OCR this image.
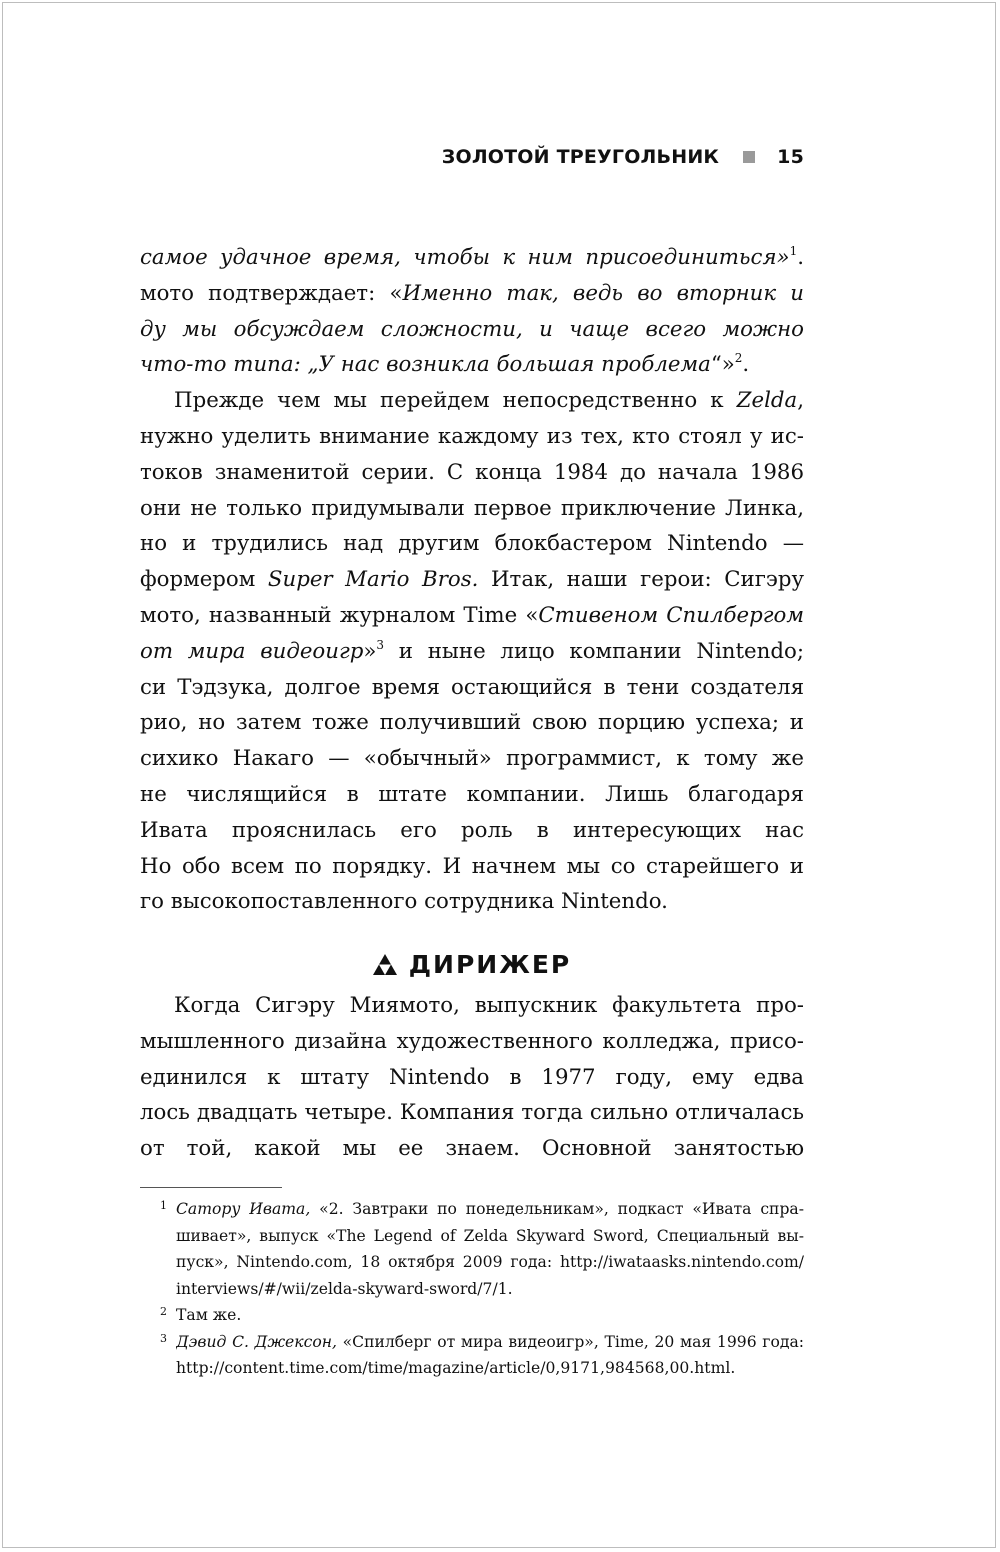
ЗОЛОТОЙ ТРЕУГОЛЬНИК	15
самое удачное время, чтобы к ним присоединиться»$^1$.
мото подтверждает: «Именно так, ведь во вторник и
ду мы обсуждаем сложности, и чаще всего можно
что-то типа: „У нас возникла большая проблема“»$^2$.
Прежде чем мы перейдем непосредственно к Zelda,
нужно уделить внимание каждому из тех, кто стоял у ис-
токов знаменитой серии. С конца 1984 до начала 1986
они не только придумывали первое приключение Линка,
но и трудились над другим блокбастером Nintendo —
формером Super Mario Bros. Итак, наши герои: Сигэру
мото, названный журналом Time «Стивеном Спилбергом
от мира видеоигр»$^3$ и ныне лицо компании Nintendo;
си Тэдзука, долгое время остающийся в тени создателя
рио, но затем тоже получивший свою порцию успеха; и
сихико Накаго — «обычный» программист, к тому же
не числящийся в штате компании. Лишь благодаря
Ивата прояснилась его роль в интересующих нас
Но обо всем по порядку. И начнем мы со старейшего и
го высокопоставленного сотрудника Nintendo.
ДИРИЖЕР
Когда Сигэру Миямото, выпускник факультета про-
мышленного дизайна художественного колледжа, присо-
единился к штату Nintendo в 1977 году, ему едва
лось двадцать четыре. Компания тогда сильно отличалась
от той, какой мы ее знаем. Основной занятостью
1 Сатору Ивата, «2. Завтраки по понедельникам», подкаст «Ивата спра-
шивает», выпуск «The Legend of Zelda Skyward Sword, Специальный вы-
пуск», Nintendo.com, 18 октября 2009 года: http://iwataasks.nintendo.com/
interviews/#/wii/zelda-skyward-sword/7/1.
2 Там же.
3 Дэвид С. Джексон, «Спилберг от мира видеоигр», Time, 20 мая 1996 года:
http://content.time.com/time/magazine/article/0,9171,984568,00.html.
